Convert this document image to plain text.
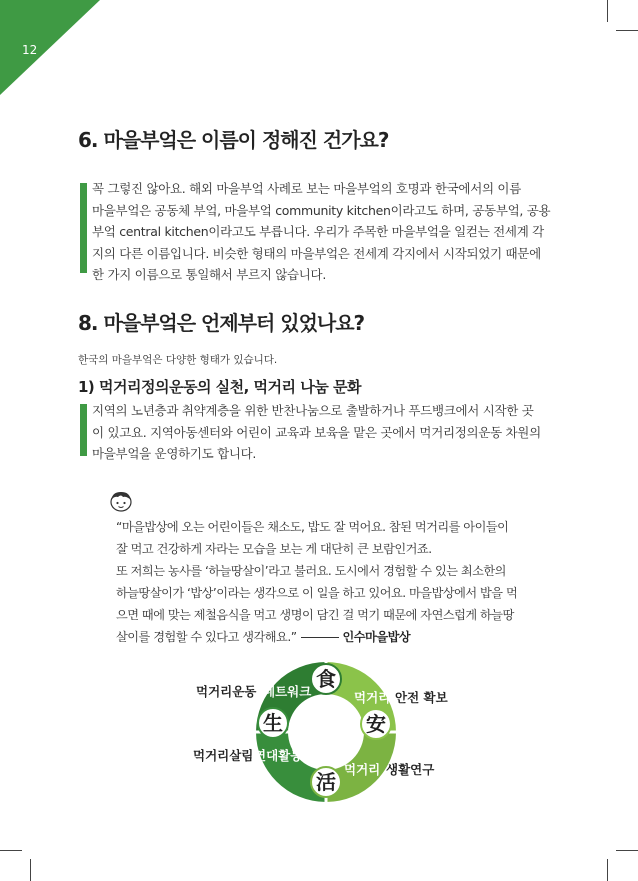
12
6. 마을부엌은 이름이 정해진 건가요?
꼭 그렇진 않아요. 해외 마을부엌 사례로 보는 마을부엌의 호명과 한국에서의 이름
마을부엌은 공동체 부엌, 마을부엌 community kitchen이라고도 하며, 공동부엌, 공용
부엌 central kitchen이라고도 부릅니다. 우리가 주목한 마을부엌을 일컫는 전세계 각
지의 다른 이름입니다. 비슷한 형태의 마을부엌은 전세계 각지에서 시작되었기 때문에
한 가지 이름으로 통일해서 부르지 않습니다.
8. 마을부엌은 언제부터 있었나요?
한국의 마을부엌은 다양한 형태가 있습니다.
1) 먹거리정의운동의 실천, 먹거리 나눔 문화
지역의 노년층과 취약계층을 위한 반찬나눔으로 출발하거나 푸드뱅크에서 시작한 곳
이 있고요. 지역아동센터와 어린이 교육과 보육을 맡은 곳에서 먹거리정의운동 차원의
마을부엌을 운영하기도 합니다.
“마을밥상에 오는 어린이들은 채소도, 밥도 잘 먹어요. 참된 먹거리를 아이들이
잘 먹고 건강하게 자라는 모습을 보는 게 대단히 큰 보람인거죠.
또 저희는 농사를 ‘하늘땅살이’라고 불러요. 도시에서 경험할 수 있는 최소한의
하늘땅살이가 ‘밥상’이라는 생각으로 이 일을 하고 있어요. 마을밥상에서 밥을 먹
으면 때에 맞는 제철음식을 먹고 생명이 담긴 걸 먹기 때문에 자연스럽게 하늘땅
살이를 경험할 수 있다고 생각해요.”	인수마을밥상
食
生	安
活
먹거리운동 네트워크	먹거리 안전 확보
먹거리살림 연대활동
먹거리 생활연구
